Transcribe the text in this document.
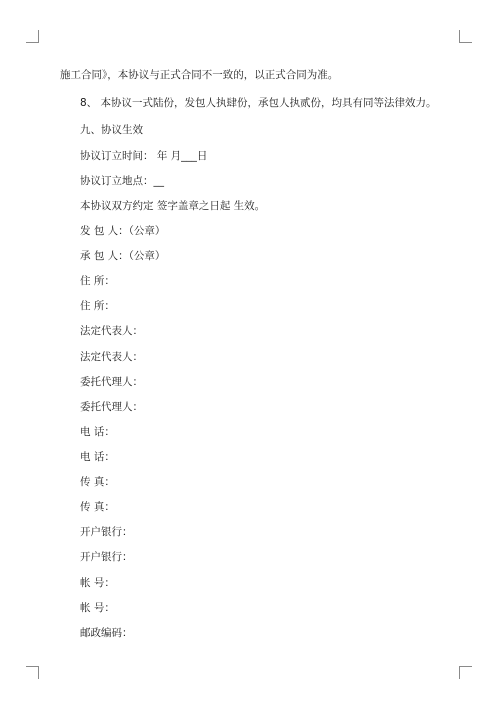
施工合同》，本协议与正式合同不一致的，以正式合同为准。
8、 本协议一式陆份，发包人执肆份，承包人执贰份，均具有同等法律效力。
九、协议生效
协议订立时间： 年 月___日
协议订立地点：__
本协议双方约定 签字盖章之日起 生效。
发 包 人：（公章）
承 包 人：（公章）
住 所：
住 所：
法定代表人：
法定代表人：
委托代理人：
委托代理人：
电 话：
电 话：
传 真：
传 真：
开户银行：
开户银行：
帐 号：
帐 号：
邮政编码：
